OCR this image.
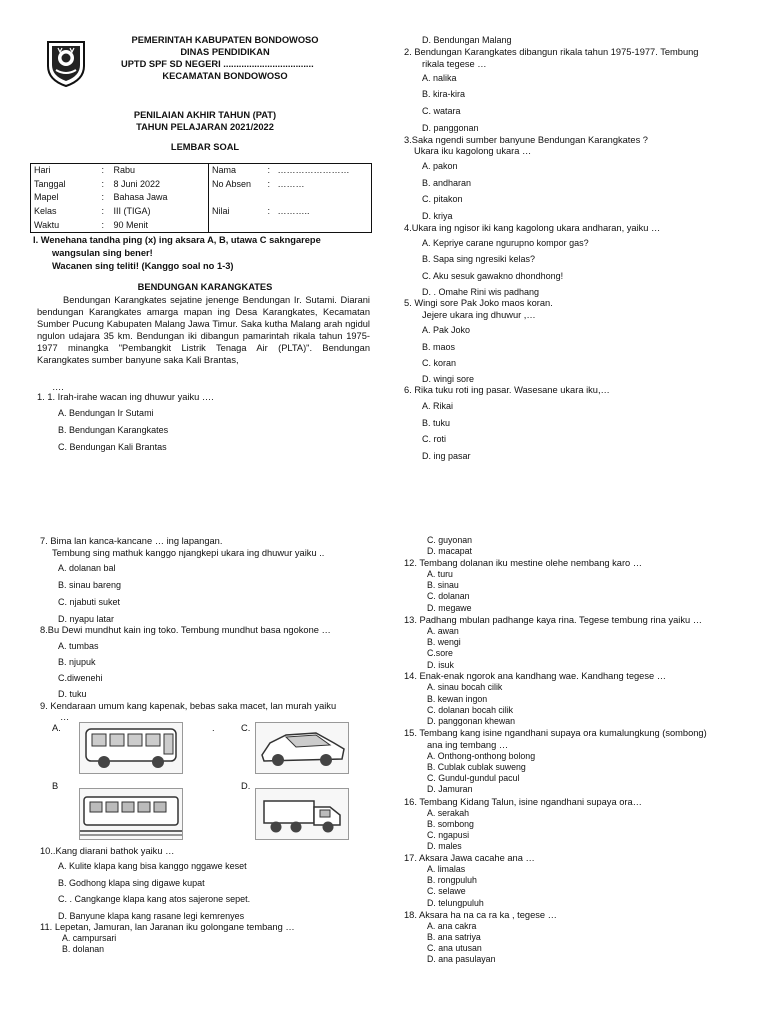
PEMERINTAH KABUPATEN BONDOWOSO
DINAS PENDIDIKAN
UPTD SPF SD NEGERI ...................................
KECAMATAN BONDOWOSO
PENILAIAN AKHIR TAHUN (PAT)
TAHUN PELAJARAN 2021/2022
LEMBAR SOAL
Hari	:	Rabu	Nama	:	……………………
Tanggal	:	8 Juni 2022	No Absen	:	………
Mapel	:	Bahasa Jawa			
Kelas	:	III (TIGA)	Nilai	:	………..
Waktu	:	90 Menit			
I. Wenehana tandha ping (x) ing aksara A, B, utawa C sakngarepe
wangsulan sing bener!
Wacanen sing teliti! (Kanggo soal no 1-3)
BENDUNGAN KARANGKATES
Bendungan Karangkates sejatine jenenge Bendungan Ir. Sutami. Diarani bendungan Karangkates amarga mapan ing Desa Karangkates, Kecamatan Sumber Pucung Kabupaten Malang Jawa Timur. Saka kutha Malang arah ngidul ngulon udajara 35 km. Bendungan iki dibangun pamarintah rikala tahun 1975-1977 minangka "Pembangkit Listrik Tenaga Air (PLTA)". Bendungan Karangkates sumber banyune saka Kali Brantas,
….
1. 1. Irah-irahe wacan ing dhuwur yaiku ….
A. Bendungan Ir Sutami
B. Bendungan Karangkates
C. Bendungan Kali Brantas
D. Bendungan Malang
2. Bendungan Karangkates dibangun rikala tahun 1975-1977. Tembung
rikala tegese …
A. nalika
B. kira-kira
C. watara
D. panggonan
3.Saka ngendi sumber banyune Bendungan Karangkates ?
Ukara iku kagolong ukara …
A. pakon
B. andharan
C. pitakon
D. kriya
4.Ukara ing ngisor iki kang kagolong ukara andharan, yaiku …
A. Kepriye carane ngurupno kompor gas?
B. Sapa sing ngresiki kelas?
C. Aku sesuk gawakno dhondhong!
D. . Omahe Rini wis padhang
5. Wingi sore Pak Joko maos koran.
Jejere ukara ing dhuwur ,…
A. Pak Joko
B. maos
C. koran
D. wingi sore
6. Rika tuku roti ing pasar. Wasesane ukara iku,…
A. Rikai
B. tuku
C. roti
D. ing pasar
7. Bima lan kanca-kancane … ing lapangan.
Tembung sing mathuk kanggo njangkepi ukara ing dhuwur yaiku ..
A. dolanan bal
B. sinau bareng
C. njabuti suket
D. nyapu latar
8.Bu Dewi mundhut kain ing toko. Tembung mundhut basa ngokone …
A. tumbas
B. njupuk
C.diwenehi
D. tuku
9. Kendaraan umum kang kapenak, bebas saka macet, lan murah yaiku
…
A.	.	C.
B	D.
10..Kang diarani bathok yaiku …
A. Kulite klapa kang bisa kanggo nggawe keset
B. Godhong klapa sing digawe kupat
C. . Cangkange klapa kang atos sajerone sepet.
D. Banyune klapa kang rasane legi kemrenyes
11. Lepetan, Jamuran, lan Jaranan iku golongane tembang …
A. campursari
B. dolanan
C. guyonan
D. macapat
12. Tembang dolanan iku mestine olehe nembang karo …
A. turu
B. sinau
C. dolanan
D. megawe
13. Padhang mbulan padhange kaya rina. Tegese tembung rina yaiku …
A. awan
B. wengi
C.sore
D. isuk
14. Enak-enak ngorok ana kandhang wae. Kandhang tegese …
A. sinau bocah cilik
B. kewan ingon
C. dolanan bocah cilik
D. panggonan khewan
15. Tembang kang isine ngandhani supaya ora kumalungkung (sombong)
ana ing tembang …
A. Onthong-onthong bolong
B. Cublak cublak suweng
C. Gundul-gundul pacul
D. Jamuran
16. Tembang Kidang Talun, isine ngandhani supaya ora…
A. serakah
B. sombong
C. ngapusi
D. males
17. Aksara Jawa cacahe ana …
A. limalas
B. rongpuluh
C. selawe
D. telungpuluh
18. Aksara ha na ca ra ka , tegese …
A. ana cakra
B. ana satriya
C. ana utusan
D. ana pasulayan
